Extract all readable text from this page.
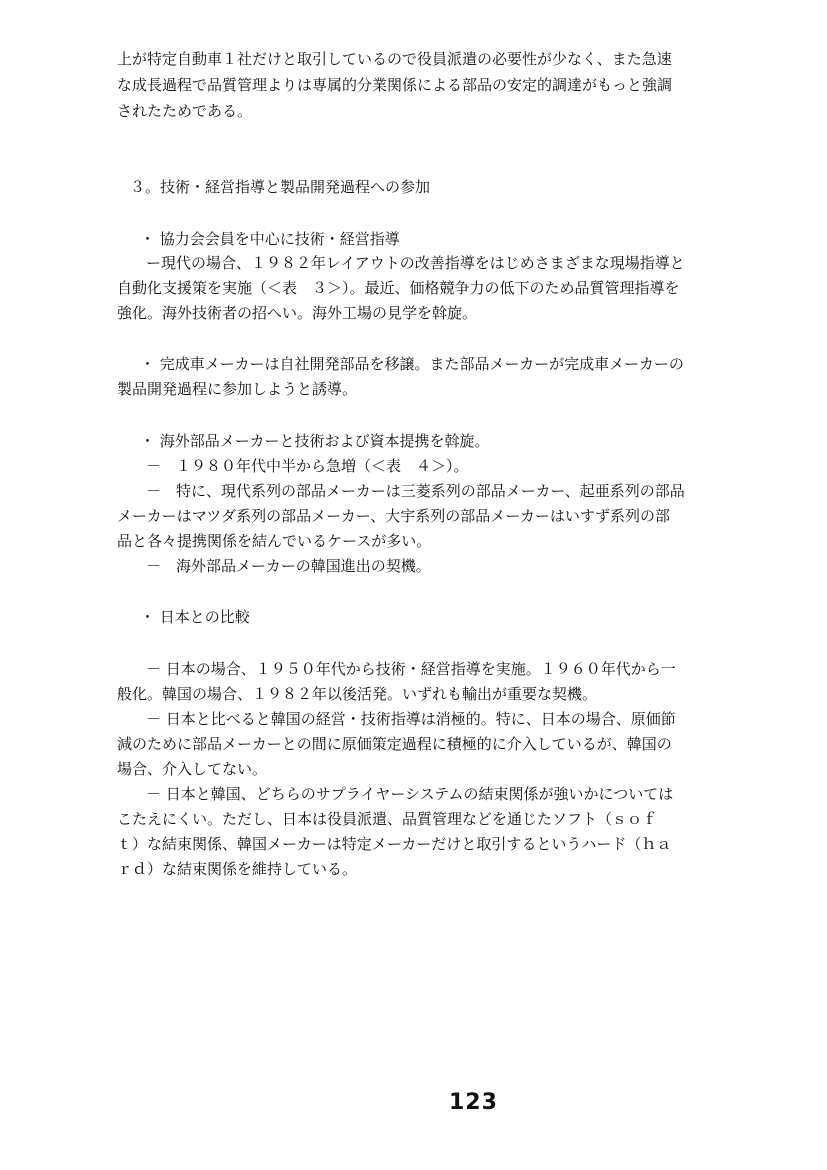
上が特定自動車１社だけと取引しているので役員派遣の必要性が少なく、また急速
な成長過程で品質管理よりは専属的分業関係による部品の安定的調達がもっと強調
されたためである。
３。技術・経営指導と製品開発過程への参加
・ 協力会会員を中心に技術・経営指導
ー現代の場合、１９８２年レイアウトの改善指導をはじめさまざまな現場指導と
自動化支援策を実施（＜表　３＞）。最近、価格競争力の低下のため品質管理指導を
強化。海外技術者の招へい。海外工場の見学を斡旋。
・ 完成車メーカーは自社開発部品を移譲。また部品メーカーが完成車メーカーの
製品開発過程に参加しようと誘導。
・ 海外部品メーカーと技術および資本提携を斡旋。
－　１９８０年代中半から急増（＜表　４＞）。
－　特に、現代系列の部品メーカーは三菱系列の部品メーカー、起亜系列の部品
メーカーはマツダ系列の部品メーカー、大宇系列の部品メーカーはいすず系列の部
品と各々提携関係を結んでいるケースが多い。
－　海外部品メーカーの韓国進出の契機。
・ 日本との比較
－ 日本の場合、１９５０年代から技術・経営指導を実施。１９６０年代から一
般化。韓国の場合、１９８２年以後活発。いずれも輸出が重要な契機。
－ 日本と比べると韓国の経営・技術指導は消極的。特に、日本の場合、原価節
減のために部品メーカーとの間に原価策定過程に積極的に介入しているが、韓国の
場合、介入してない。
－ 日本と韓国、どちらのサプライヤーシステムの結束関係が強いかについては
こたえにくい。ただし、日本は役員派遣、品質管理などを通じたソフト（ｓｏｆ
ｔ）な結束関係、韓国メーカーは特定メーカーだけと取引するというハード（ｈａ
ｒｄ）な結束関係を維持している。
123
